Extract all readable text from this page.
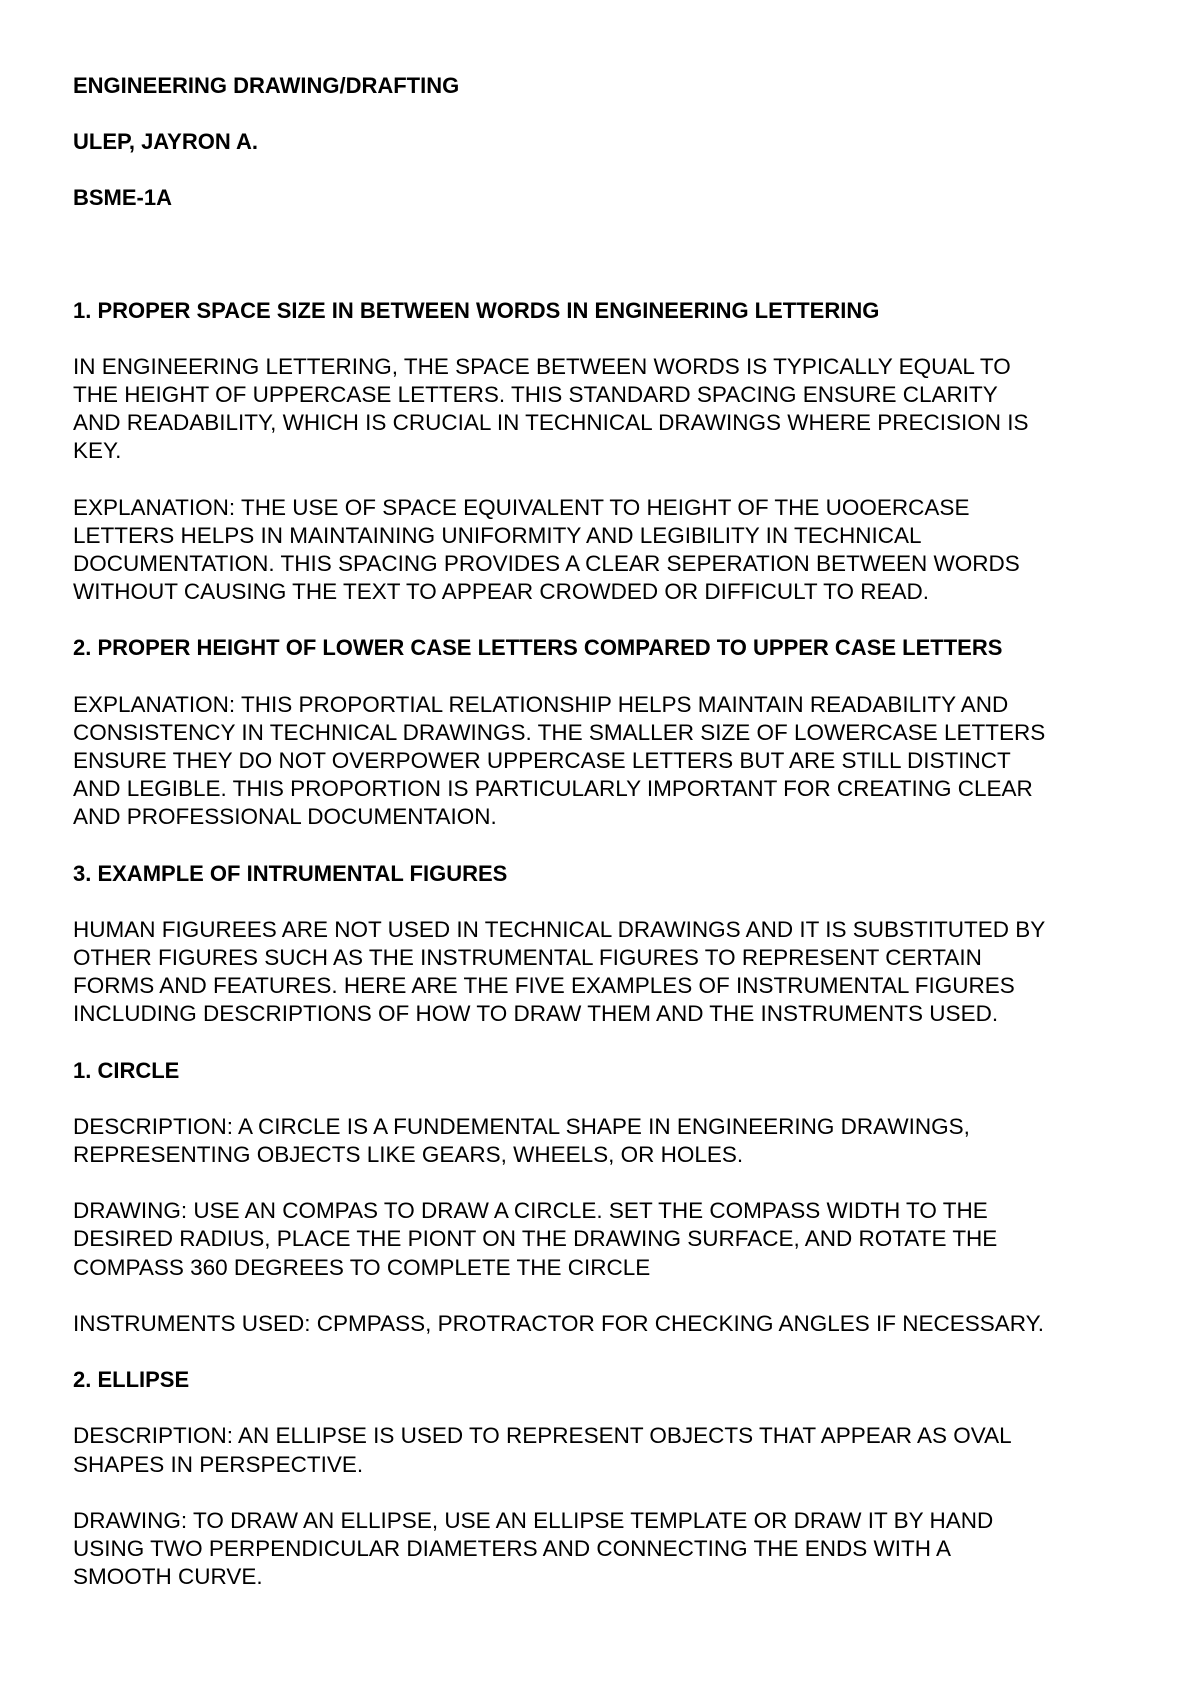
ENGINEERING DRAWING/DRAFTING
ULEP, JAYRON A.
BSME-1A
1. PROPER SPACE SIZE IN BETWEEN WORDS IN ENGINEERING LETTERING

IN ENGINEERING LETTERING, THE SPACE BETWEEN WORDS IS TYPICALLY EQUAL TO
THE HEIGHT OF UPPERCASE LETTERS. THIS STANDARD SPACING ENSURE CLARITY
AND READABILITY, WHICH IS CRUCIAL IN TECHNICAL DRAWINGS WHERE PRECISION IS
KEY.

EXPLANATION: THE USE OF SPACE EQUIVALENT TO HEIGHT OF THE UOOERCASE
LETTERS HELPS IN MAINTAINING UNIFORMITY AND LEGIBILITY IN TECHNICAL
DOCUMENTATION. THIS SPACING PROVIDES A CLEAR SEPERATION BETWEEN WORDS
WITHOUT CAUSING THE TEXT TO APPEAR CROWDED OR DIFFICULT TO READ.

2. PROPER HEIGHT OF LOWER CASE LETTERS COMPARED TO UPPER CASE LETTERS

EXPLANATION: THIS PROPORTIAL RELATIONSHIP HELPS MAINTAIN READABILITY AND
CONSISTENCY IN TECHNICAL DRAWINGS. THE SMALLER SIZE OF LOWERCASE LETTERS
ENSURE THEY DO NOT OVERPOWER UPPERCASE LETTERS BUT ARE STILL DISTINCT
AND LEGIBLE. THIS PROPORTION IS PARTICULARLY IMPORTANT FOR CREATING CLEAR
AND PROFESSIONAL DOCUMENTAION.

3. EXAMPLE OF INTRUMENTAL FIGURES

HUMAN FIGUREES ARE NOT USED IN TECHNICAL DRAWINGS AND IT IS SUBSTITUTED BY
OTHER FIGURES SUCH AS THE INSTRUMENTAL FIGURES TO REPRESENT CERTAIN
FORMS AND FEATURES. HERE ARE THE FIVE EXAMPLES OF INSTRUMENTAL FIGURES
INCLUDING DESCRIPTIONS OF HOW TO DRAW THEM AND THE INSTRUMENTS USED.

1. CIRCLE

DESCRIPTION: A CIRCLE IS A FUNDEMENTAL SHAPE IN ENGINEERING DRAWINGS,
REPRESENTING OBJECTS LIKE GEARS, WHEELS, OR HOLES.

DRAWING: USE AN COMPAS TO DRAW A CIRCLE. SET THE COMPASS WIDTH TO THE
DESIRED RADIUS, PLACE THE PIONT ON THE DRAWING SURFACE, AND ROTATE THE
COMPASS 360 DEGREES TO COMPLETE THE CIRCLE

INSTRUMENTS USED: CPMPASS, PROTRACTOR FOR CHECKING ANGLES IF NECESSARY.

2. ELLIPSE

DESCRIPTION: AN ELLIPSE IS USED TO REPRESENT OBJECTS THAT APPEAR AS OVAL
SHAPES IN PERSPECTIVE.

DRAWING: TO DRAW AN ELLIPSE, USE AN ELLIPSE TEMPLATE OR DRAW IT BY HAND
USING TWO PERPENDICULAR DIAMETERS AND CONNECTING THE ENDS WITH A
SMOOTH CURVE.
